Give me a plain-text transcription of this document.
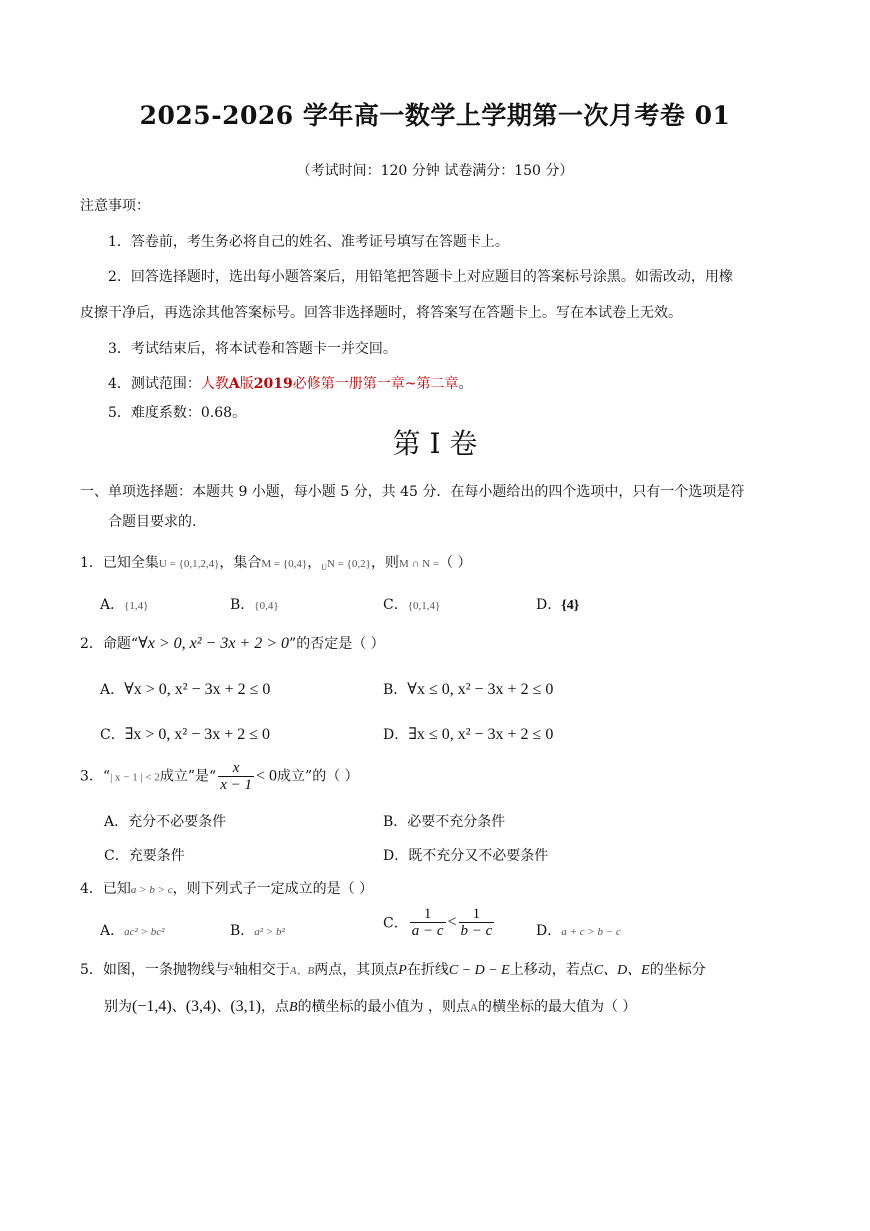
2025-2026 学年高一数学上学期第一次月考卷 01
（考试时间：120 分钟 试卷满分：150 分）
注意事项：
1．答卷前，考生务必将自己的姓名、准考证号填写在答题卡上。
2．回答选择题时，选出每小题答案后，用铅笔把答题卡上对应题目的答案标号涂黑。如需改动，用橡
皮擦干净后，再选涂其他答案标号。回答非选择题时，将答案写在答题卡上。写在本试卷上无效。
3．考试结束后，将本试卷和答题卡一并交回。
4．测试范围：人教A版2019必修第一册第一章~第二章。
5．难度系数：0.68。
第 I 卷
一、单项选择题：本题共 9 小题，每小题 5 分，共 45 分．在每小题给出的四个选项中，只有一个选项是符
合题目要求的.
1．已知全集U = {0,1,2,4}，集合M = {0,4}，$_U$N = {0,2}，则M ∩ N =（ ）
A．{1,4}	B．{0,4}	C．{0,1,4}	D．{4}
2．命题“∀x > 0, x² − 3x + 2 > 0”的否定是（ ）
A．∀x > 0, x² − 3x + 2 ≤ 0	B．∀x ≤ 0, x² − 3x + 2 ≤ 0
C．∃x > 0, x² − 3x + 2 ≤ 0	D．∃x ≤ 0, x² − 3x + 2 ≤ 0
3．“| x − 1 | < 2成立”是“ $\frac{x}{x - 1} < 0$成立”的（ ）
A．充分不必要条件	B．必要不充分条件
C．充要条件	D．既不充分又不必要条件
4．已知a > b > c，则下列式子一定成立的是（ ）
A．ac² > bc²	B．a² > b²
C． $\frac{1}{a - c} < \frac{1}{b - c}$	D．a + c > b − c
5．如图，一条抛物线与$^x$轴相交于A、B两点，其顶点P在折线C − D − E上移动，若点C、D、E的坐标分
别为(−1,4)、(3,4)、(3,1)，点B的横坐标的最小值为 ，则点A的横坐标的最大值为（ ）
